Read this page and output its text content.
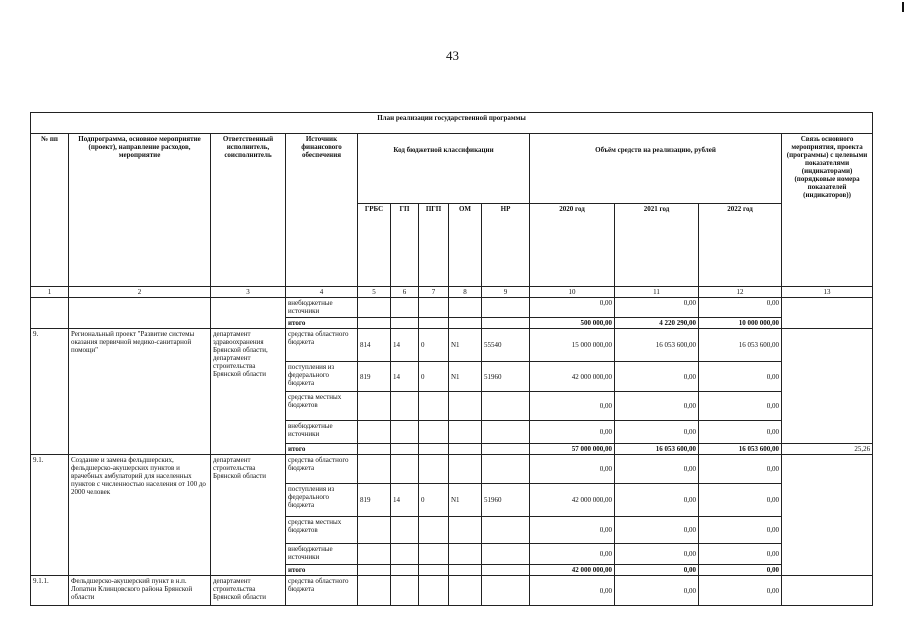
43
План реализации государственной программы												
№ пп	Подпрограмма, основное мероприятие (проект), направление расходов, мероприятие	Ответственный исполнитель, соисполнитель	Источник финансового обеспечения	Код бюджетной классификации					Объём средств на реализацию, рублей			Связь основного мероприятия, проекта (программы) с целевыми показателями (индикаторами) (порядковые номера показателей (индикаторов))
				ГРБС	ГП	ПГП	ОМ	НР	2020 год	2021 год	2022 год	
1	2	3	4	5	6	7	8	9	10	11	12	13
			внебюджетные источники						0,00	0,00	0,00	
			итого						500 000,00	4 220 290,00	10 000 000,00	
9.	Региональный проект "Развитие системы оказания первичной медико-санитарной помощи"	департамент здравоохранения Брянской области, департамент строительства Брянской области	средства областного бюджета	814	14	0	N1	55540	15 000 000,00	16 053 600,00	16 053 600,00	
			поступления из федерального бюджета	819	14	0	N1	51960	42 000 000,00	0,00	0,00	
			средства местных бюджетов						0,00	0,00	0,00	
			внебюджетные источники						0,00	0,00	0,00	
			итого						57 000 000,00	16 053 600,00	16 053 600,00	25,26
9.1.	Создание и замена фельдшерских, фельдшерско-акушерских пунктов и врачебных амбулаторий для населенных пунктов с численностью населения от 100 до 2000 человек	департамент строительства Брянской области	средства областного бюджета						0,00	0,00	0,00	
			поступления из федерального бюджета	819	14	0	N1	51960	42 000 000,00	0,00	0,00	
			средства местных бюджетов						0,00	0,00	0,00	
			внебюджетные источники						0,00	0,00	0,00	
			итого						42 000 000,00	0,00	0,00	
9.1.1.	Фельдшерско-акушерский пункт в н.п. Лопатни Клинцовского района Брянской области	департамент строительства Брянской области	средства областного бюджета						0,00	0,00	0,00	
